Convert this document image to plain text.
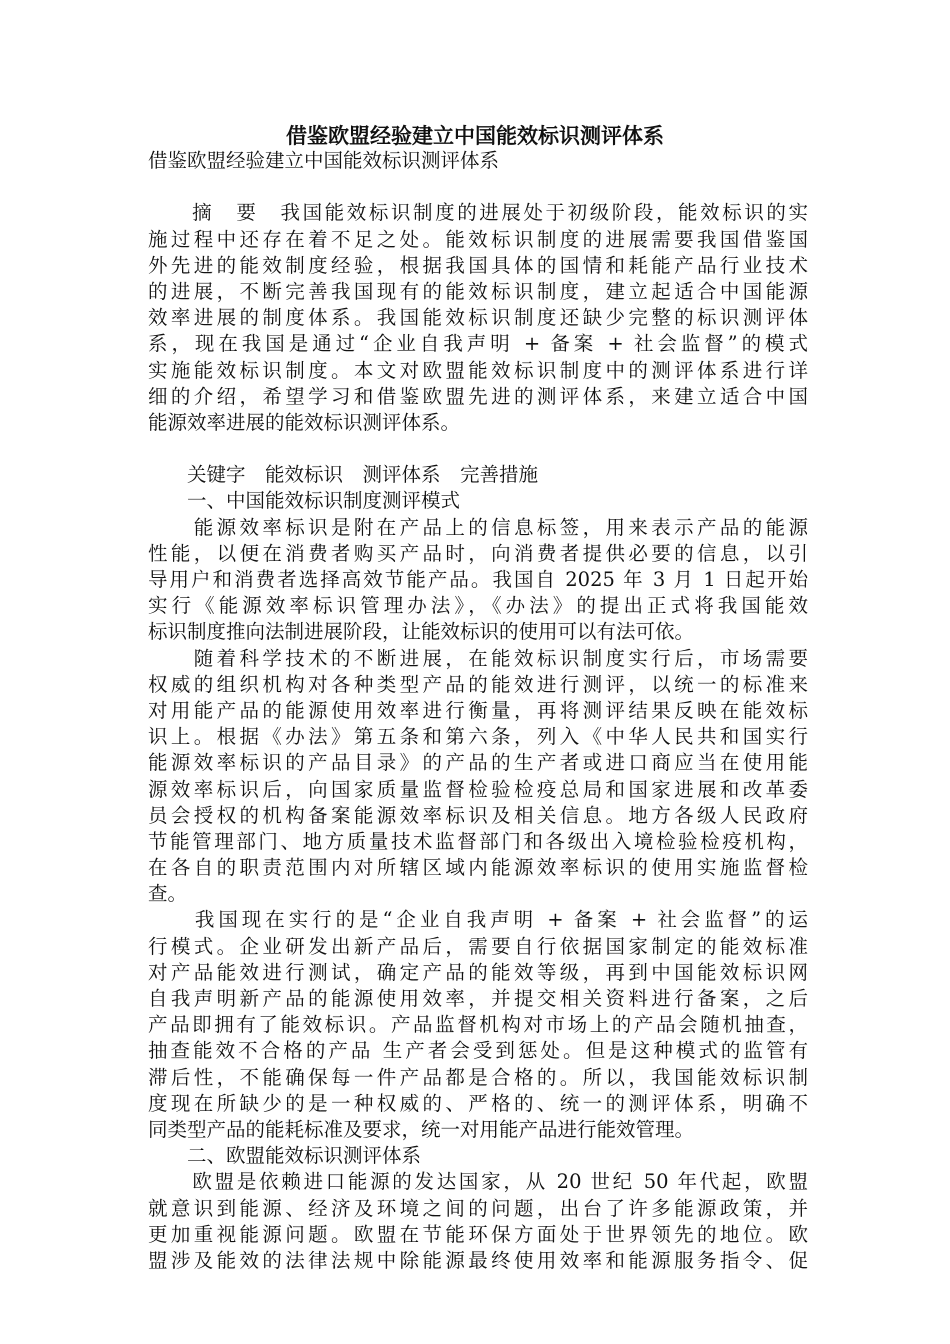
借鉴欧盟经验建立中国能效标识测评体系
借鉴欧盟经验建立中国能效标识测评体系
　　摘　要　我国能效标识制度的进展处于初级阶段，能效标识的实
施过程中还存在着不足之处。能效标识制度的进展需要我国借鉴国
外先进的能效制度经验，根据我国具体的国情和耗能产品行业技术
的进展，不断完善我国现有的能效标识制度，建立起适合中国能源
效率进展的制度体系。我国能效标识制度还缺少完整的标识测评体
系，现在我国是通过“企业自我声明 + 备案 + 社会监督”的模式
实施能效标识制度。本文对欧盟能效标识制度中的测评体系进行详
细的介绍，希望学习和借鉴欧盟先进的测评体系，来建立适合中国
能源效率进展的能效标识测评体系。
　　关键字　能效标识　测评体系　完善措施
　　一、中国能效标识制度测评模式
　　能源效率标识是附在产品上的信息标签，用来表示产品的能源
性能，以便在消费者购买产品时，向消费者提供必要的信息，以引
导用户和消费者选择高效节能产品。我国自 2025 年 3 月 1 日起开始
实行《能源效率标识管理办法》，《办法》的提出正式将我国能效
标识制度推向法制进展阶段，让能效标识的使用可以有法可依。
　　随着科学技术的不断进展，在能效标识制度实行后，市场需要
权威的组织机构对各种类型产品的能效进行测评，以统一的标准来
对用能产品的能源使用效率进行衡量，再将测评结果反映在能效标
识上。根据《办法》第五条和第六条，列入《中华人民共和国实行
能源效率标识的产品目录》的产品的生产者或进口商应当在使用能
源效率标识后，向国家质量监督检验检疫总局和国家进展和改革委
员会授权的机构备案能源效率标识及相关信息。地方各级人民政府
节能管理部门、地方质量技术监督部门和各级出入境检验检疫机构，
在各自的职责范围内对所辖区域内能源效率标识的使用实施监督检
查。
　　我国现在实行的是“企业自我声明 + 备案 + 社会监督”的运
行模式。企业研发出新产品后，需要自行依据国家制定的能效标准
对产品能效进行测试，确定产品的能效等级，再到中国能效标识网
自我声明新产品的能源使用效率，并提交相关资料进行备案，之后
产品即拥有了能效标识。产品监督机构对市场上的产品会随机抽查，
抽查能效不合格的产品 生产者会受到惩处。但是这种模式的监管有
滞后性，不能确保每一件产品都是合格的。所以，我国能效标识制
度现在所缺少的是一种权威的、严格的、统一的测评体系，明确不
同类型产品的能耗标准及要求，统一对用能产品进行能效管理。
　　二、欧盟能效标识测评体系
　　欧盟是依赖进口能源的发达国家，从 20 世纪 50 年代起，欧盟
就意识到能源、经济及环境之间的问题，出台了许多能源政策，并
更加重视能源问题。欧盟在节能环保方面处于世界领先的地位。欧
盟涉及能效的法律法规中除能源最终使用效率和能源服务指令、促
